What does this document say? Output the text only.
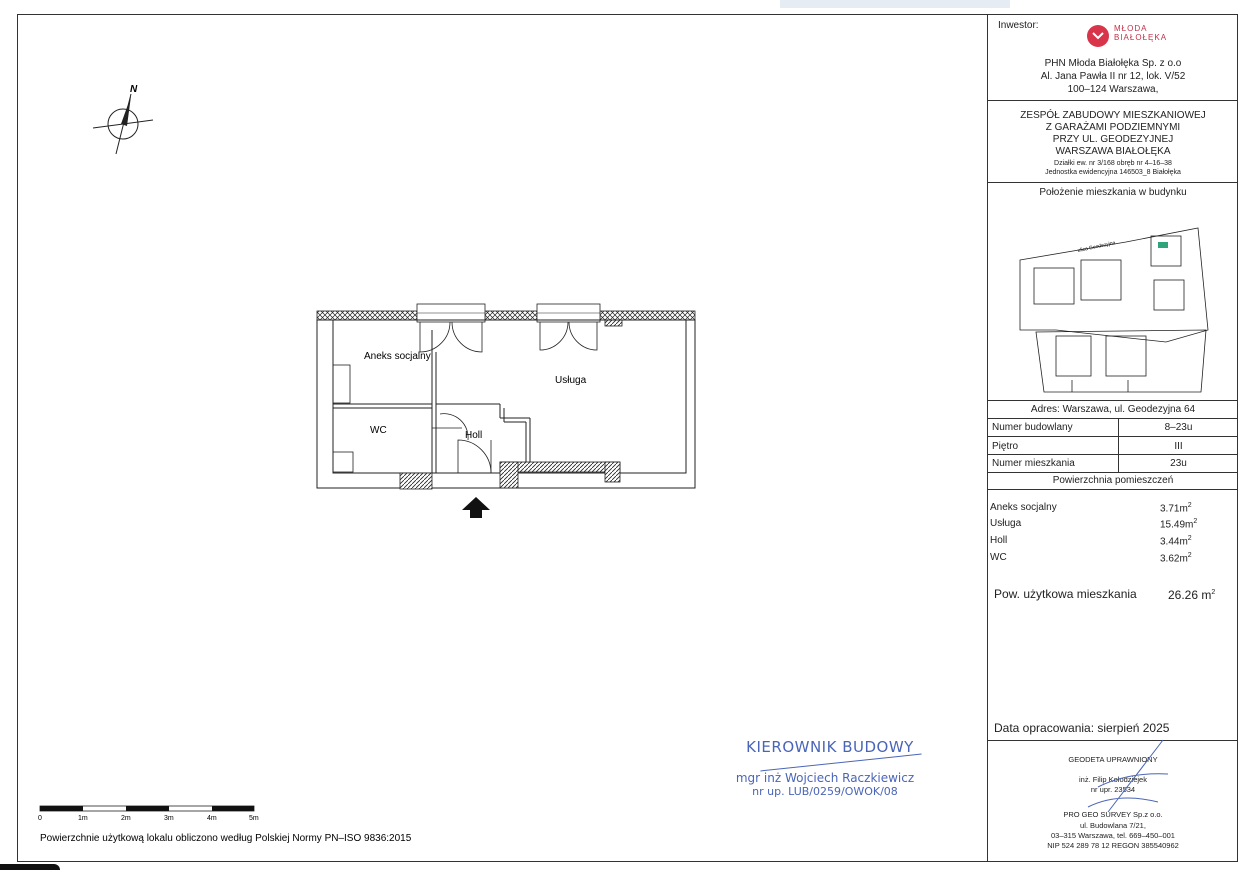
N
Aneks socjalny
Usługa
WC	Holl
0	1m	2m	3m	4m	5m
Powierzchnie użytkową lokalu obliczono według Polskiej Normy PN–ISO 9836:2015
KIEROWNIK BUDOWY
mgr inż Wojciech Raczkiewicz
nr up. LUB/0259/OWOK/08
Inwestor:	MŁODA BIAŁOŁĘKA
PHN Młoda Białołęka Sp. z o.o
Al. Jana Pawła II nr 12, lok. V/52
100–124 Warszawa,
ZESPÓŁ ZABUDOWY MIESZKANIOWEJ
Z GARAŻAMI PODZIEMNYMI
PRZY UL. GEODEZYJNEJ
WARSZAWA BIAŁOŁĘKA
Działki ew. nr 3/168 obręb nr 4–16–38
Jednostka ewidencyjna 146503_8 Białołęka
Położenie mieszkania w budynku
ulica Geodezyjna
Adres: Warszawa, ul. Geodezyjna 64
Numer budowlany	8–23u
Piętro	III
Numer mieszkania	23u
Powierzchnia pomieszczeń
Aneks socjalny	$3.71m^2$
Usługa	$15.49m^2$
Holl	$3.44m^2$
WC	$3.62m^2$
Pow. użytkowa mieszkania	26.26 $m^2$
Data opracowania: sierpień 2025
GEODETA UPRAWNIONY
inż. Filip Kołodziejek
nr upr. 23534
PRO GEO SURVEY Sp.z o.o.
ul. Budowlana 7/21,
03–315 Warszawa, tel. 669–450–001
NIP 524 289 78 12 REGON 385540962
